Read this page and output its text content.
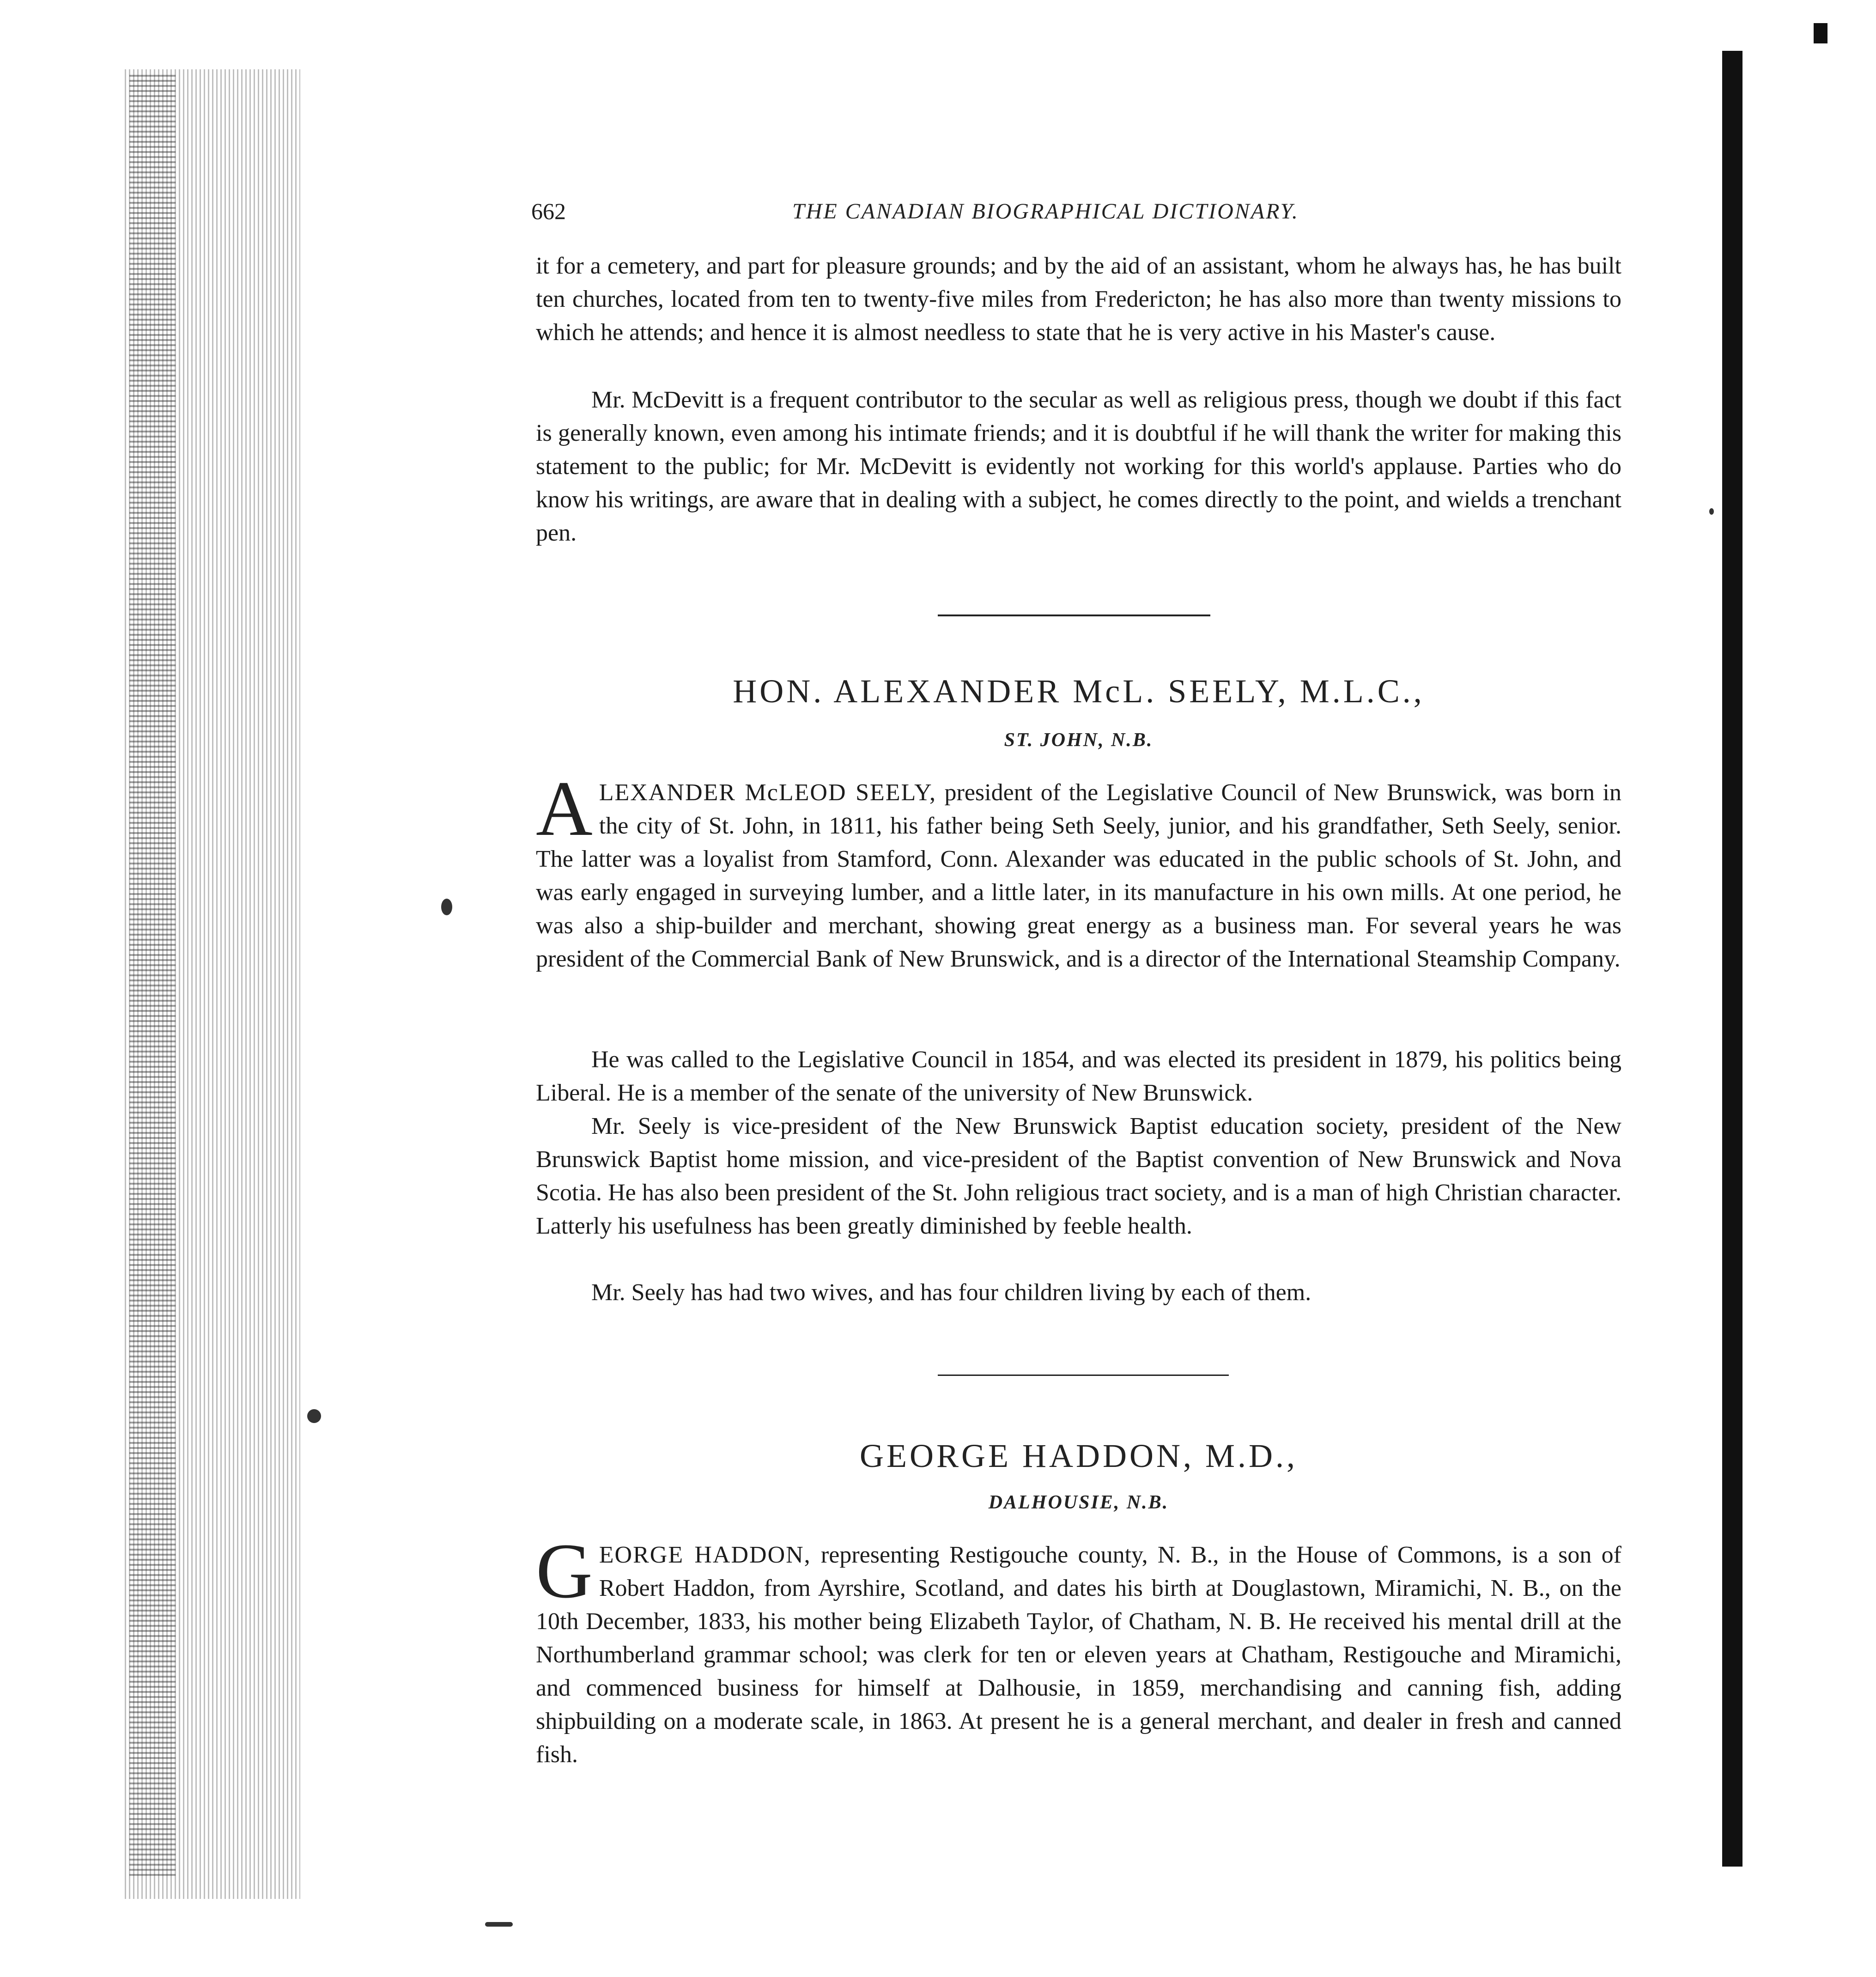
662	THE CANADIAN BIOGRAPHICAL DICTIONARY.
it for a cemetery, and part for pleasure grounds; and by the aid of an assistant, whom he always has, he has built ten churches, located from ten to twenty-five miles from Fredericton; he has also more than twenty missions to which he attends; and hence it is almost needless to state that he is very active in his Master's cause.
Mr. McDevitt is a frequent contributor to the secular as well as religious press, though we doubt if this fact is generally known, even among his intimate friends; and it is doubtful if he will thank the writer for making this statement to the public; for Mr. McDevitt is evidently not working for this world's applause. Parties who do know his writings, are aware that in dealing with a subject, he comes directly to the point, and wields a trenchant pen.
HON. ALEXANDER McL. SEELY, M.L.C.,
ST. JOHN, N.B.
ALEXANDER McLEOD SEELY, president of the Legislative Council of New Brunswick, was born in the city of St. John, in 1811, his father being Seth Seely, junior, and his grandfather, Seth Seely, senior. The latter was a loyalist from Stamford, Conn. Alexander was educated in the public schools of St. John, and was early engaged in surveying lumber, and a little later, in its manufacture in his own mills. At one period, he was also a ship-builder and merchant, showing great energy as a business man. For several years he was president of the Commercial Bank of New Brunswick, and is a director of the International Steamship Company.
He was called to the Legislative Council in 1854, and was elected its president in 1879, his politics being Liberal. He is a member of the senate of the university of New Brunswick.
Mr. Seely is vice-president of the New Brunswick Baptist education society, president of the New Brunswick Baptist home mission, and vice-president of the Baptist convention of New Brunswick and Nova Scotia. He has also been president of the St. John religious tract society, and is a man of high Christian character. Latterly his usefulness has been greatly diminished by feeble health.
Mr. Seely has had two wives, and has four children living by each of them.
GEORGE HADDON, M.D.,
DALHOUSIE, N.B.
GEORGE HADDON, representing Restigouche county, N. B., in the House of Commons, is a son of Robert Haddon, from Ayrshire, Scotland, and dates his birth at Douglastown, Miramichi, N. B., on the 10th December, 1833, his mother being Elizabeth Taylor, of Chatham, N. B. He received his mental drill at the Northumberland grammar school; was clerk for ten or eleven years at Chatham, Restigouche and Miramichi, and commenced business for himself at Dalhousie, in 1859, merchandising and canning fish, adding shipbuilding on a moderate scale, in 1863. At present he is a general merchant, and dealer in fresh and canned fish.
